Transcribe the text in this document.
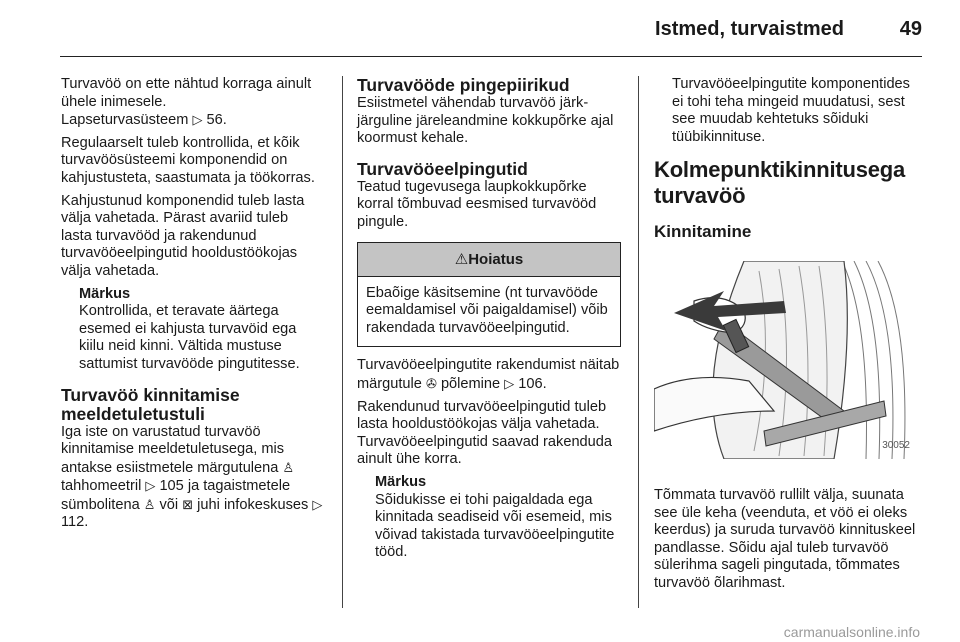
Istmed, turvaistmed	49

Turvavöö on ette nähtud korraga ainult ühele inimesele.
Lapseturvasüsteem ▷ 56.

Regulaarselt tuleb kontrollida, et kõik turvavöösüsteemi komponendid on kahjustusteta, saastumata ja töökorras.

Kahjustunud komponendid tuleb lasta välja vahetada. Pärast avariid tuleb lasta turvavööd ja rakendunud turvavööeelpingutid hooldustöökojas välja vahetada.

Märkus
Kontrollida, et teravate äärtega esemed ei kahjusta turvavöid ega kiilu neid kinni. Vältida mustuse sattumist turvavööde pingutitesse.
Turvavöö kinnitamise meeldetuletustuli

Iga iste on varustatud turvavöö kinnitamise meeldetuletusega, mis antakse esiistmetele märgutulena ♙ tahhomeetril ▷ 105 ja tagaistmetele sümbolitena ♙ või ⊠ juhi infokeskuses ▷ 112.

Turvavööde pingepiirikud

Esiistmetel vähendab turvavöö järk-järguline järeleandmine kokkupõrke ajal koormust kehale.

Turvavööeelpingutid

Teatud tugevusega laupkokkupõrke korral tõmbuvad eesmised turvavööd pingule.

⚠Hoiatus
Ebaõige käsitsemine (nt turvavööde eemaldamisel või paigaldamisel) võib rakendada turvavööeelpingutid.

Turvavööeelpingutite rakendumist näitab märgutule ✇ põlemine ▷ 106.

Rakendunud turvavööeelpingutid tuleb lasta hooldustöökojas välja vahetada. Turvavööeelpingutid saavad rakenduda ainult ühe korra.

Märkus
Sõidukisse ei tohi paigaldada ega kinnitada seadiseid või esemeid, mis võivad takistada turvavööeelpingutite tööd.

Turvavööeelpingutite komponentides ei tohi teha mingeid muudatusi, sest see muudab kehtetuks sõiduki tüübikinnituse.

Kolmepunktikinnitusega turvavöö
Kinnitamine
30052

Tõmmata turvavöö rullilt välja, suunata see üle keha (veenduta, et vöö ei oleks keerdus) ja suruda turvavöö kinnituskeel pandlasse. Sõidu ajal tuleb turvavöö sülerihma sageli pingutada, tõmmates turvavöö õlarihmast.

carmanualsonline.info
